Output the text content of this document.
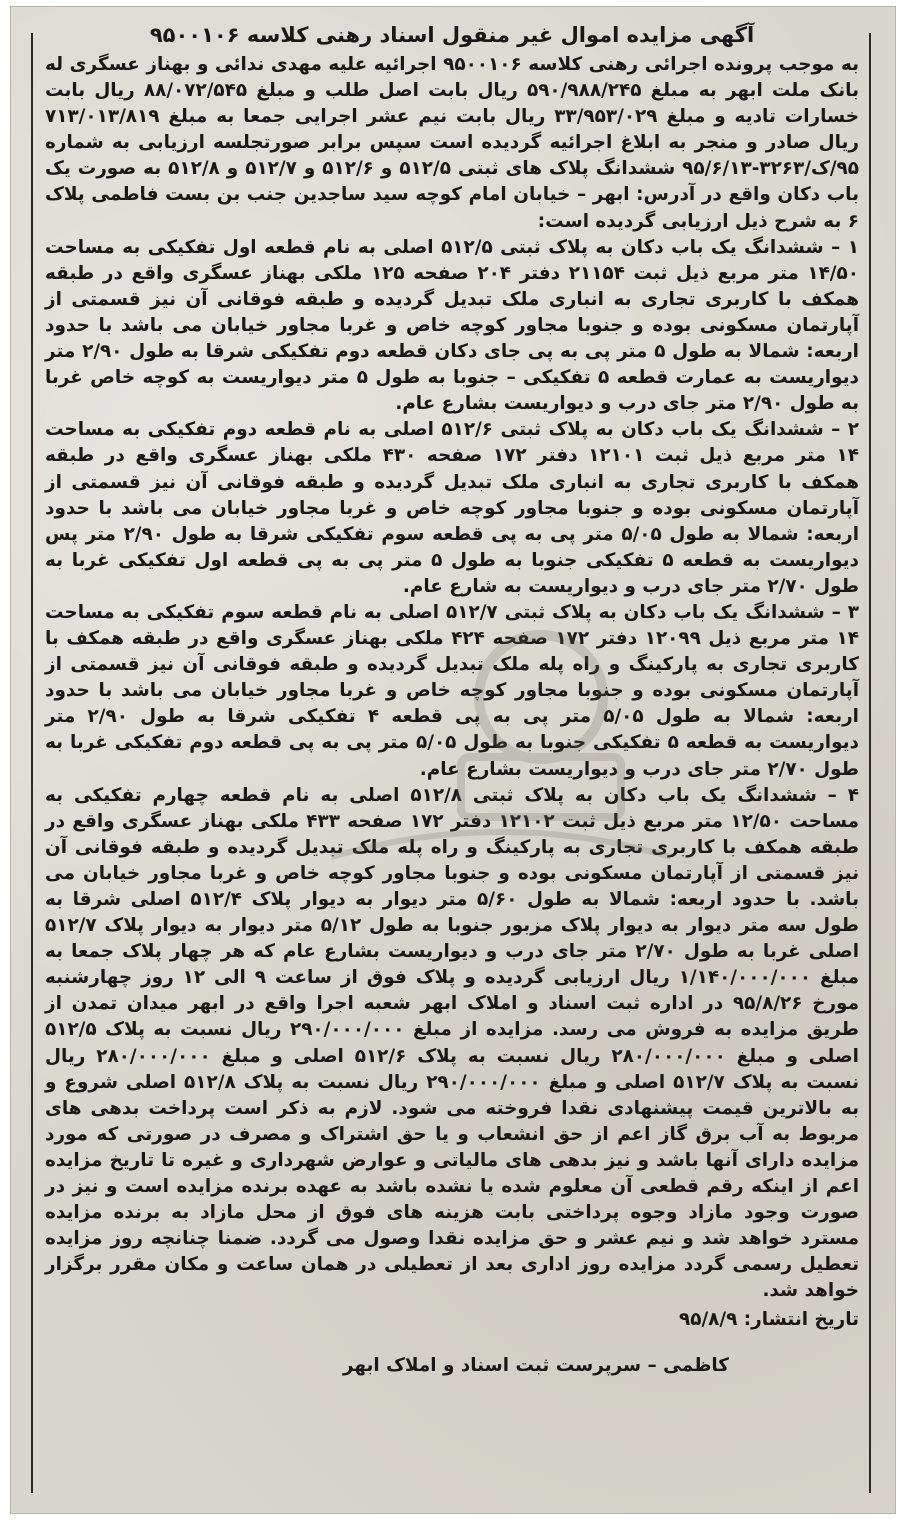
آگهی مزایده اموال غیر منقول اسناد رهنی کلاسه ۹۵۰۰۱۰۶

به موجب پرونده اجرائی رهنی کلاسه ۹۵۰۰۱۰۶ اجرائیه علیه مهدی ندائی و بهناز عسگری له بانک ملت ابهر به مبلغ ۵۹۰/۹۸۸/۲۴۵ ریال بابت اصل طلب و مبلغ ۸۸/۰۷۲/۵۴۵ ریال بابت خسارات تادیه و مبلغ ۳۳/۹۵۳/۰۲۹ ریال بابت نیم عشر اجرایی جمعا به مبلغ ۷۱۳/۰۱۳/۸۱۹ ریال صادر و منجر به ابلاغ اجرائیه گردیده است سپس برابر صورتجلسه ارزیابی به شماره ۹۵/ک/۳۲۶۳-۹۵/۶/۱۳ ششدانگ پلاک های ثبتی ۵۱۲/۵ و ۵۱۲/۶ و ۵۱۲/۷ و ۵۱۲/۸ به صورت یک باب دکان واقع در آدرس: ابهر – خیابان امام کوچه سید ساجدین جنب بن بست فاطمی پلاک ۶ به شرح ذیل ارزیابی گردیده است:

۱ – ششدانگ یک باب دکان به پلاک ثبتی ۵۱۲/۵ اصلی به نام قطعه اول تفکیکی به مساحت ۱۴/۵۰ متر مربع ذیل ثبت ۲۱۱۵۴ دفتر ۲۰۴ صفحه ۱۲۵ ملکی بهناز عسگری واقع در طبقه همکف با کاربری تجاری به انباری ملک تبدیل گردیده و طبقه فوقانی آن نیز قسمتی از آپارتمان مسکونی بوده و جنوبا مجاور کوچه خاص و غربا مجاور خیابان می باشد با حدود اربعه: شمالا به طول ۵ متر پی به پی جای دکان قطعه دوم تفکیکی شرقا به طول ۲/۹۰ متر دیواریست به عمارت قطعه ۵ تفکیکی – جنوبا به طول ۵ متر دیواریست به کوچه خاص غربا به طول ۲/۹۰ متر جای درب و دیواریست بشارع عام.

۲ – ششدانگ یک باب دکان به پلاک ثبتی ۵۱۲/۶ اصلی به نام قطعه دوم تفکیکی به مساحت ۱۴ متر مربع ذیل ثبت ۱۲۱۰۱ دفتر ۱۷۲ صفحه ۴۳۰ ملکی بهناز عسگری واقع در طبقه همکف با کاربری تجاری به انباری ملک تبدیل گردیده و طبقه فوقانی آن نیز قسمتی از آپارتمان مسکونی بوده و جنوبا مجاور کوچه خاص و غربا مجاور خیابان می باشد با حدود اربعه: شمالا به طول ۵/۰۵ متر پی به پی قطعه سوم تفکیکی شرقا به طول ۲/۹۰ متر پس دیواریست به قطعه ۵ تفکیکی جنوبا به طول ۵ متر پی به پی قطعه اول تفکیکی غربا به طول ۲/۷۰ متر جای درب و دیواریست به شارع عام.

۳ – ششدانگ یک باب دکان به پلاک ثبتی ۵۱۲/۷ اصلی به نام قطعه سوم تفکیکی به مساحت ۱۴ متر مربع ذیل ۱۲۰۹۹ دفتر ۱۷۲ صفحه ۴۲۴ ملکی بهناز عسگری واقع در طبقه همکف با کاربری تجاری به پارکینگ و راه پله ملک تبدیل گردیده و طبقه فوقانی آن نیز قسمتی از آپارتمان مسکونی بوده و جنوبا مجاور کوچه خاص و غربا مجاور خیابان می باشد با حدود اربعه: شمالا به طول ۵/۰۵ متر پی به پی قطعه ۴ تفکیکی شرقا به طول ۲/۹۰ متر دیواریست به قطعه ۵ تفکیکی جنوبا به طول ۵/۰۵ متر پی به پی قطعه دوم تفکیکی غربا به طول ۲/۷۰ متر جای درب و دیواریست بشارع عام.

۴ – ششدانگ یک باب دکان به پلاک ثبتی ۵۱۲/۸ اصلی به نام قطعه چهارم تفکیکی به مساحت ۱۲/۵۰ متر مربع ذیل ثبت ۱۲۱۰۲ دفتر ۱۷۲ صفحه ۴۳۳ ملکی بهناز عسگری واقع در طبقه همکف با کاربری تجاری به پارکینگ و راه پله ملک تبدیل گردیده و طبقه فوقانی آن نیز قسمتی از آپارتمان مسکونی بوده و جنوبا مجاور کوچه خاص و غربا مجاور خیابان می باشد. با حدود اربعه: شمالا به طول ۵/۶۰ متر دیوار به دیوار پلاک ۵۱۲/۴ اصلی شرقا به طول سه متر دیوار به دیوار پلاک مزبور جنوبا به طول ۵/۱۲ متر دیوار به دیوار پلاک ۵۱۲/۷ اصلی غربا به طول ۲/۷۰ متر جای درب و دیواریست بشارع عام که هر چهار پلاک جمعا به مبلغ ۱/۱۴۰/۰۰۰/۰۰۰ ریال ارزیابی گردیده و پلاک فوق از ساعت ۹ الی ۱۲ روز چهارشنبه مورخ ۹۵/۸/۲۶ در اداره ثبت اسناد و املاک ابهر شعبه اجرا واقع در ابهر میدان تمدن از طریق مزایده به فروش می رسد. مزایده از مبلغ ۲۹۰/۰۰۰/۰۰۰ ریال نسبت به پلاک ۵۱۲/۵ اصلی و مبلغ ۲۸۰/۰۰۰/۰۰۰ ریال نسبت به پلاک ۵۱۲/۶ اصلی و مبلغ ۲۸۰/۰۰۰/۰۰۰ ریال نسبت به پلاک ۵۱۲/۷ اصلی و مبلغ ۲۹۰/۰۰۰/۰۰۰ ریال نسبت به پلاک ۵۱۲/۸ اصلی شروع و به بالاترین قیمت پیشنهادی نقدا فروخته می شود. لازم به ذکر است پرداخت بدهی های مربوط به آب برق گاز اعم از حق انشعاب و یا حق اشتراک و مصرف در صورتی که مورد مزایده دارای آنها باشد و نیز بدهی های مالیاتی و عوارض شهرداری و غیره تا تاریخ مزایده اعم از اینکه رقم قطعی آن معلوم شده یا نشده باشد به عهده برنده مزایده است و نیز در صورت وجود مازاد وجوه پرداختی بابت هزینه های فوق از محل مازاد به برنده مزایده مسترد خواهد شد و نیم عشر و حق مزایده نقدا وصول می گردد. ضمنا چنانچه روز مزایده تعطیل رسمی گردد مزایده روز اداری بعد از تعطیلی در همان ساعت و مکان مقرر برگزار خواهد شد.

تاریخ انتشار: ۹۵/۸/۹

کاظمی – سرپرست ثبت اسناد و املاک ابهر
